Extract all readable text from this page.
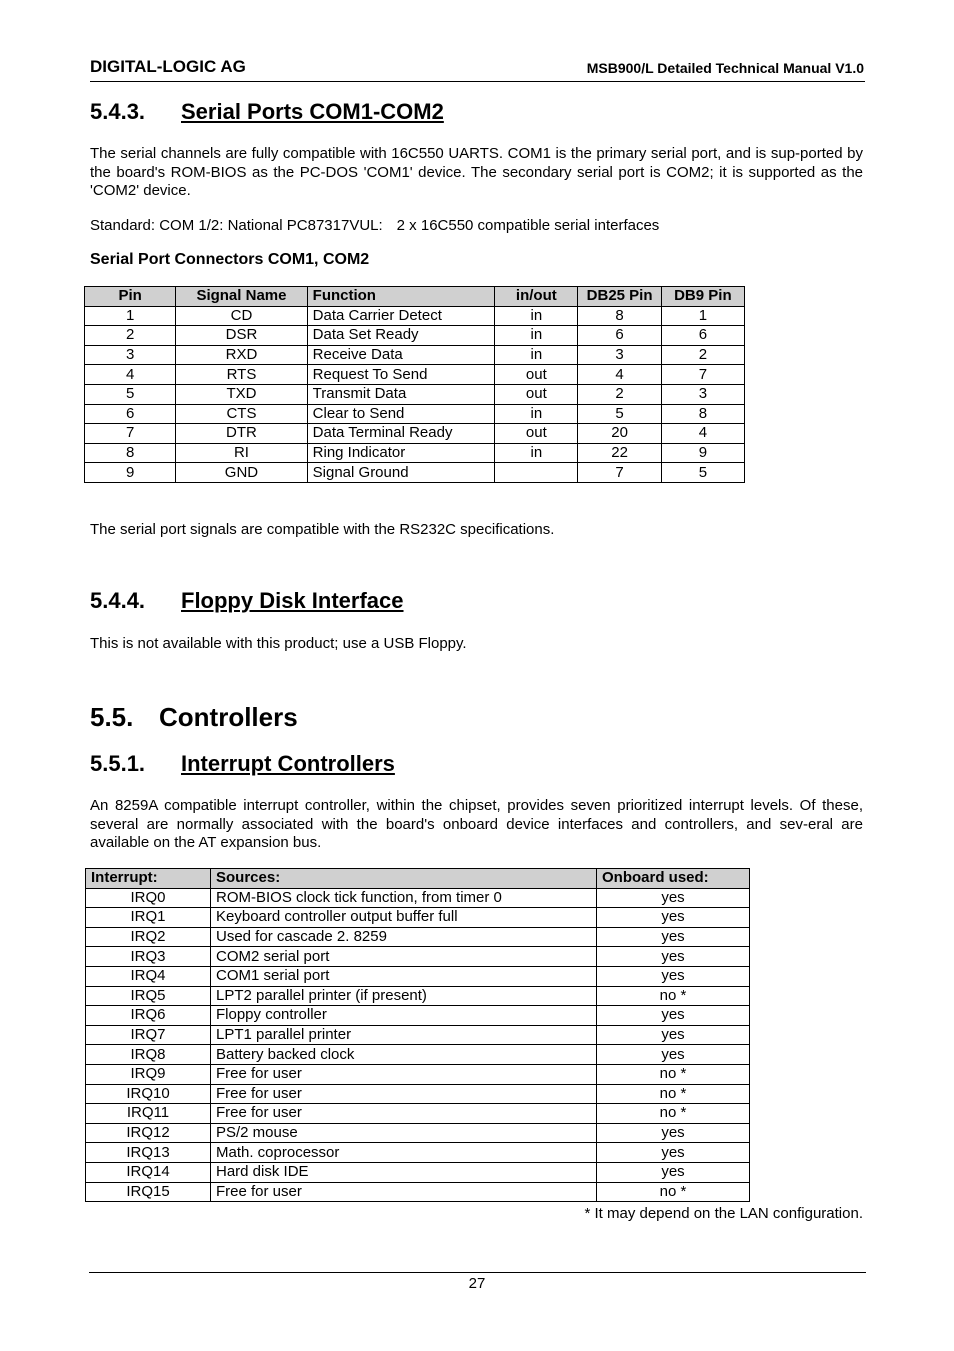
DIGITAL-LOGIC AG	MSB900/L Detailed Technical Manual V1.0
5.4.3. Serial Ports COM1-COM2
The serial channels are fully compatible with 16C550 UARTS. COM1 is the primary serial port, and is sup-ported by the board's ROM-BIOS as the PC-DOS 'COM1' device. The secondary serial port is COM2; it is supported as the 'COM2' device.
Standard: COM 1/2: National PC87317VUL: 2 x 16C550 compatible serial interfaces
Serial Port Connectors COM1, COM2
Pin	Signal Name	Function	in/out	DB25 Pin	DB9 Pin
1	CD	Data Carrier Detect	in	8	1
2	DSR	Data Set Ready	in	6	6
3	RXD	Receive Data	in	3	2
4	RTS	Request To Send	out	4	7
5	TXD	Transmit Data	out	2	3
6	CTS	Clear to Send	in	5	8
7	DTR	Data Terminal Ready	out	20	4
8	RI	Ring Indicator	in	22	9
9	GND	Signal Ground		7	5
The serial port signals are compatible with the RS232C specifications.
5.4.4. Floppy Disk Interface
This is not available with this product; use a USB Floppy.
5.5. Controllers
5.5.1. Interrupt Controllers
An 8259A compatible interrupt controller, within the chipset, provides seven prioritized interrupt levels. Of these, several are normally associated with the board's onboard device interfaces and controllers, and sev-eral are available on the AT expansion bus.
Interrupt:	Sources:	Onboard used:
IRQ0	ROM-BIOS clock tick function, from timer 0	yes
IRQ1	Keyboard controller output buffer full	yes
IRQ2	Used for cascade 2. 8259	yes
IRQ3	COM2 serial port	yes
IRQ4	COM1 serial port	yes
IRQ5	LPT2 parallel printer (if present)	no *
IRQ6	Floppy controller	yes
IRQ7	LPT1 parallel printer	yes
IRQ8	Battery backed clock	yes
IRQ9	Free for user	no *
IRQ10	Free for user	no *
IRQ11	Free for user	no *
IRQ12	PS/2 mouse	yes
IRQ13	Math. coprocessor	yes
IRQ14	Hard disk IDE	yes
IRQ15	Free for user	no *
* It may depend on the LAN configuration.
27
